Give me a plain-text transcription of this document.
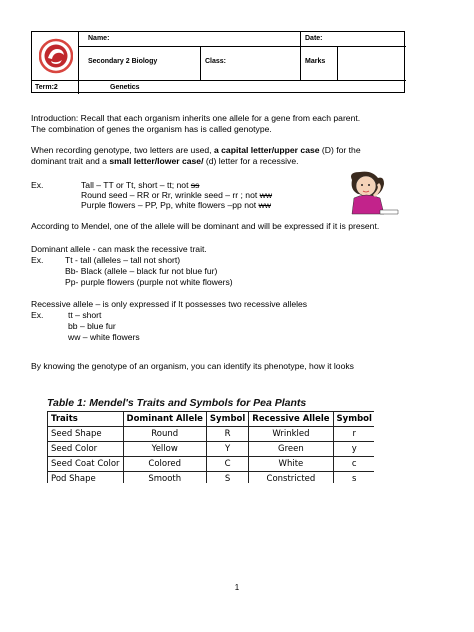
Name:	Date:
Secondary 2 Biology	Class:	Marks
Term:2	Genetics
Introduction: Recall that each organism inherits one allele for a gene from each parent.
The combination of genes the organism has is called genotype.
When recording genotype, two letters are used, a capital letter/upper case (D) for the
dominant trait and a small letter/lower case/ (d) letter for a recessive.
Ex.	Tall – TT or Tt, short – tt; not ss
Round seed – RR or Rr, wrinkle seed – rr ; not ww
Purple flowers – PP, Pp, white flowers –pp not ww
According to Mendel, one of the allele will be dominant and will be expressed if it is present.
Dominant allele - can mask the recessive trait.
Ex.	Tt - tall (alleles – tall not short)
Bb- Black (allele – black fur not blue fur)
Pp- purple flowers (purple not white flowers)
Recessive allele – is only expressed if It possesses two recessive alleles
Ex.	tt – short
bb – blue fur
ww – white flowers
By knowing the genotype of an organism, you can identify its phenotype, how it looks
Table 1: Mendel's Traits and Symbols for Pea Plants
Traits	Dominant Allele	Symbol	Recessive Allele	Symbol
Seed Shape	Round	R	Wrinkled	r
Seed Color	Yellow	Y	Green	y
Seed Coat Color	Colored	C	White	c
Pod Shape	Smooth	S	Constricted	s
1
